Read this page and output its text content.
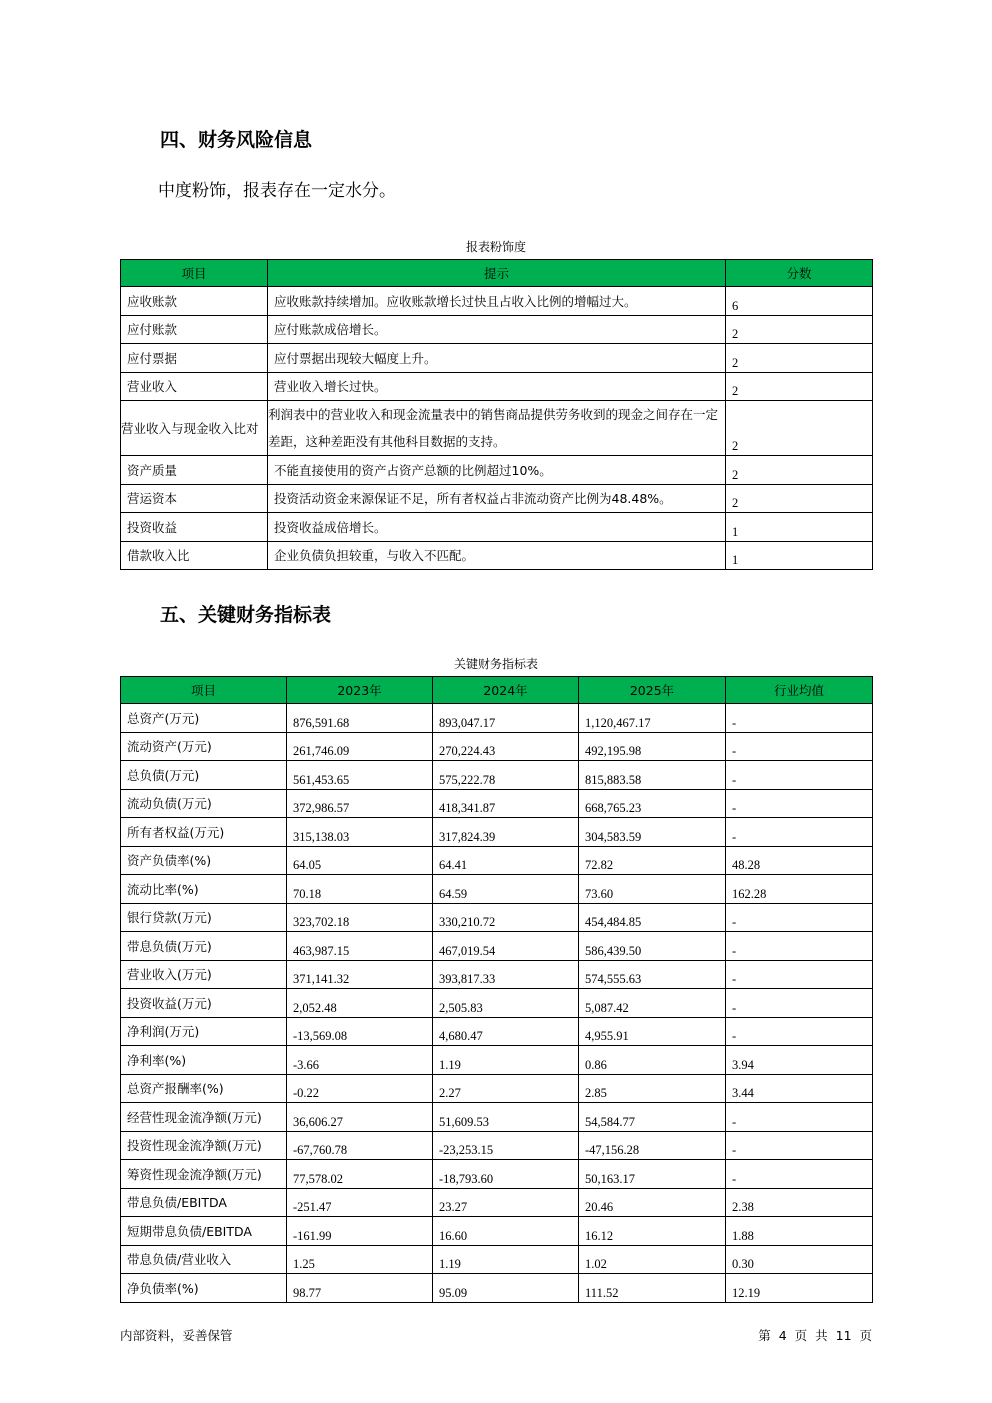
四、财务风险信息
中度粉饰，报表存在一定水分。
报表粉饰度
项目	提示	分数
应收账款	应收账款持续增加。应收账款增长过快且占收入比例的增幅过大。	6
应付账款	应付账款成倍增长。	2
应付票据	应付票据出现较大幅度上升。	2
营业收入	营业收入增长过快。	2
营业收入与现金收入比对	利润表中的营业收入和现金流量表中的销售商品提供劳务收到的现金之间存在一定差距，这种差距没有其他科目数据的支持。	2
资产质量	不能直接使用的资产占资产总额的比例超过10%。	2
营运资本	投资活动资金来源保证不足，所有者权益占非流动资产比例为48.48%。	2
投资收益	投资收益成倍增长。	1
借款收入比	企业负债负担较重，与收入不匹配。	1
五、关键财务指标表
关键财务指标表
项目	2023年	2024年	2025年	行业均值
总资产(万元)	876,591.68	893,047.17	1,120,467.17	-
流动资产(万元)	261,746.09	270,224.43	492,195.98	-
总负债(万元)	561,453.65	575,222.78	815,883.58	-
流动负债(万元)	372,986.57	418,341.87	668,765.23	-
所有者权益(万元)	315,138.03	317,824.39	304,583.59	-
资产负债率(%)	64.05	64.41	72.82	48.28
流动比率(%)	70.18	64.59	73.60	162.28
银行贷款(万元)	323,702.18	330,210.72	454,484.85	-
带息负债(万元)	463,987.15	467,019.54	586,439.50	-
营业收入(万元)	371,141.32	393,817.33	574,555.63	-
投资收益(万元)	2,052.48	2,505.83	5,087.42	-
净利润(万元)	-13,569.08	4,680.47	4,955.91	-
净利率(%)	-3.66	1.19	0.86	3.94
总资产报酬率(%)	-0.22	2.27	2.85	3.44
经营性现金流净额(万元)	36,606.27	51,609.53	54,584.77	-
投资性现金流净额(万元)	-67,760.78	-23,253.15	-47,156.28	-
筹资性现金流净额(万元)	77,578.02	-18,793.60	50,163.17	-
带息负债/EBITDA	-251.47	23.27	20.46	2.38
短期带息负债/EBITDA	-161.99	16.60	16.12	1.88
带息负债/营业收入	1.25	1.19	1.02	0.30
净负债率(%)	98.77	95.09	111.52	12.19
内部资料，妥善保管	第 4 页 共 11 页
